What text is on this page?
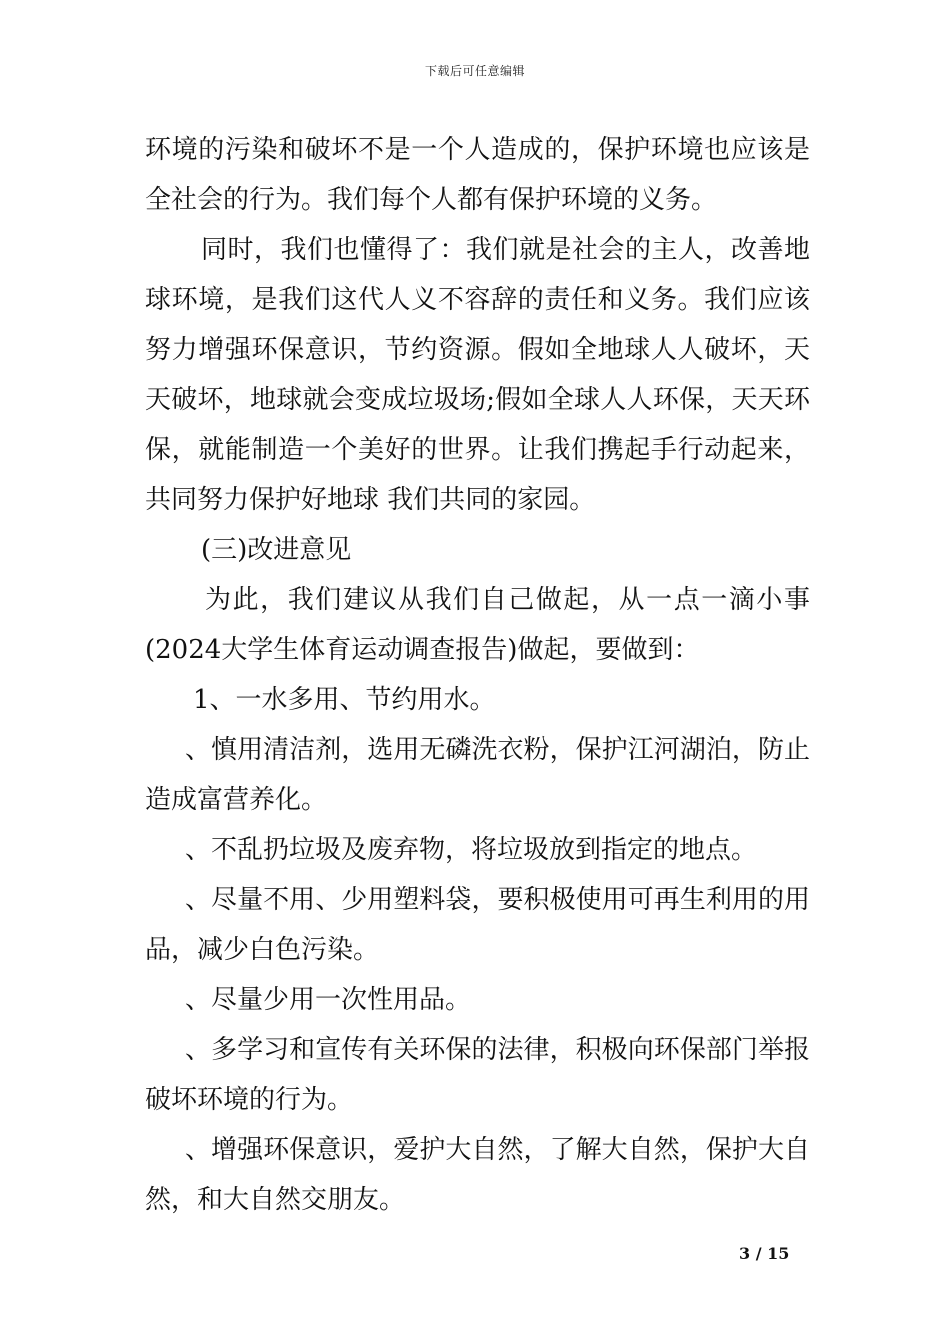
下载后可任意编辑
环境的污染和破坏不是一个人造成的，保护环境也应该是
全社会的行为。我们每个人都有保护环境的义务。
同时，我们也懂得了：我们就是社会的主人，改善地
球环境，是我们这代人义不容辞的责任和义务。我们应该
努力增强环保意识，节约资源。假如全地球人人破坏，天
天破坏，地球就会变成垃圾场;假如全球人人环保，天天环
保，就能制造一个美好的世界。让我们携起手行动起来，
共同努力保护好地球 我们共同的家园。
(三)改进意见
为此，我们建议从我们自己做起，从一点一滴小事
(2024大学生体育运动调查报告)做起，要做到：
1、一水多用、节约用水。
、慎用清洁剂，选用无磷洗衣粉，保护江河湖泊，防止
造成富营养化。
、不乱扔垃圾及废弃物，将垃圾放到指定的地点。
、尽量不用、少用塑料袋，要积极使用可再生利用的用
品，减少白色污染。
、尽量少用一次性用品。
、多学习和宣传有关环保的法律，积极向环保部门举报
破坏环境的行为。
、增强环保意识，爱护大自然，了解大自然，保护大自
然，和大自然交朋友。
3 / 15
